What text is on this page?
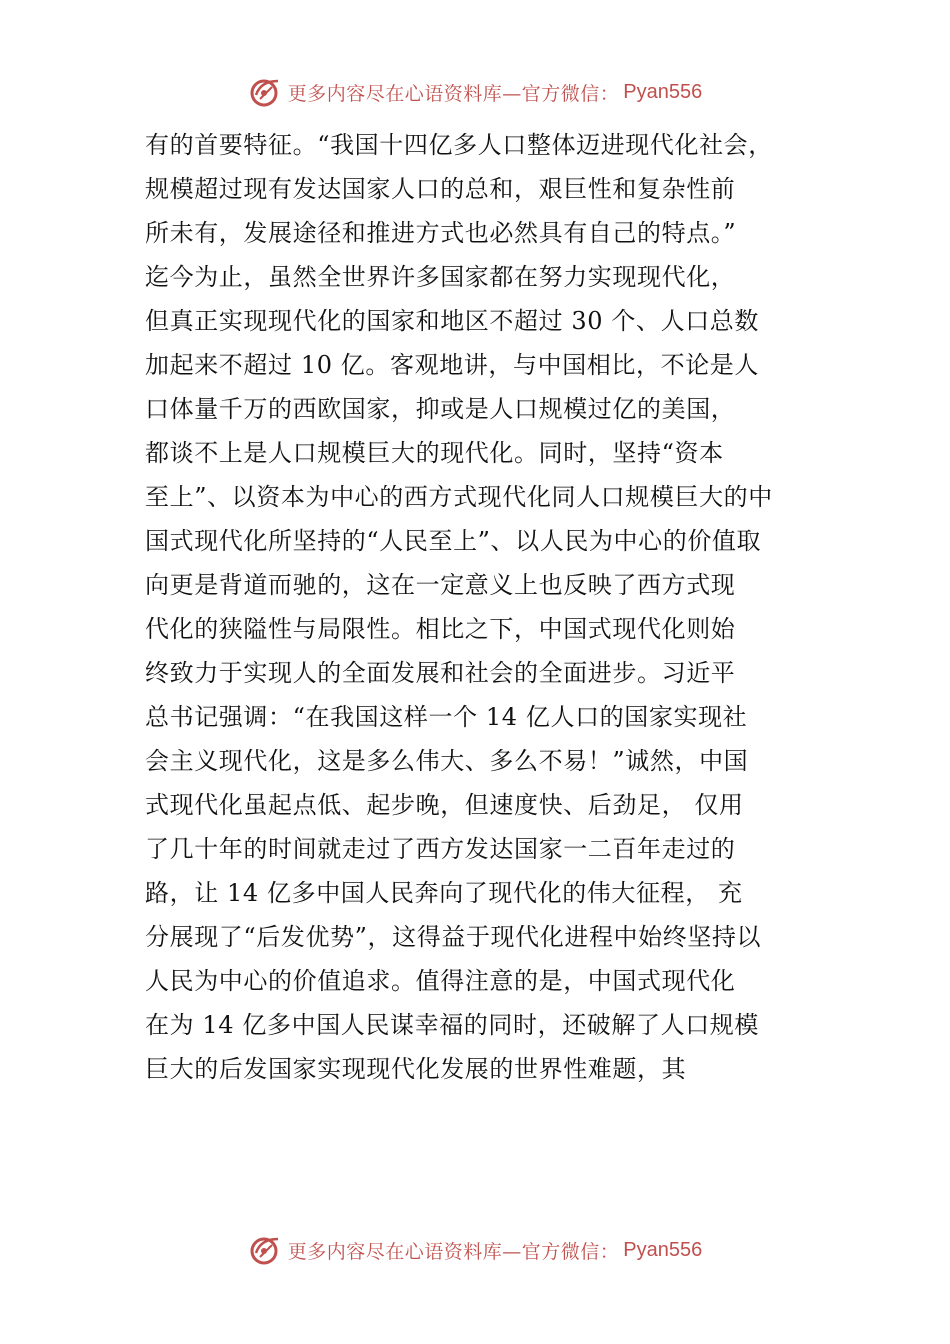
更多内容尽在心语资料库—官方微信： Pyan556
有的首要特征。“我国十四亿多人口整体迈进现代化社会，
规模超过现有发达国家人口的总和，艰巨性和复杂性前
所未有，发展途径和推进方式也必然具有自己的特点。”
迄今为止，虽然全世界许多国家都在努力实现现代化，
但真正实现现代化的国家和地区不超过 30 个、人口总数
加起来不超过 10 亿。客观地讲，与中国相比，不论是人
口体量千万的西欧国家，抑或是人口规模过亿的美国，
都谈不上是人口规模巨大的现代化。同时，坚持“资本
至上”、以资本为中心的西方式现代化同人口规模巨大的中
国式现代化所坚持的“人民至上”、以人民为中心的价值取
向更是背道而驰的，这在一定意义上也反映了西方式现
代化的狭隘性与局限性。相比之下，中国式现代化则始
终致力于实现人的全面发展和社会的全面进步。习近平
总书记强调：“在我国这样一个 14 亿人口的国家实现社
会主义现代化，这是多么伟大、多么不易！”诚然，中国
式现代化虽起点低、起步晚，但速度快、后劲足， 仅用
了几十年的时间就走过了西方发达国家一二百年走过的
路，让 14 亿多中国人民奔向了现代化的伟大征程， 充
分展现了“后发优势”，这得益于现代化进程中始终坚持以
人民为中心的价值追求。值得注意的是，中国式现代化
在为 14 亿多中国人民谋幸福的同时，还破解了人口规模
巨大的后发国家实现现代化发展的世界性难题，其
更多内容尽在心语资料库—官方微信： Pyan556
